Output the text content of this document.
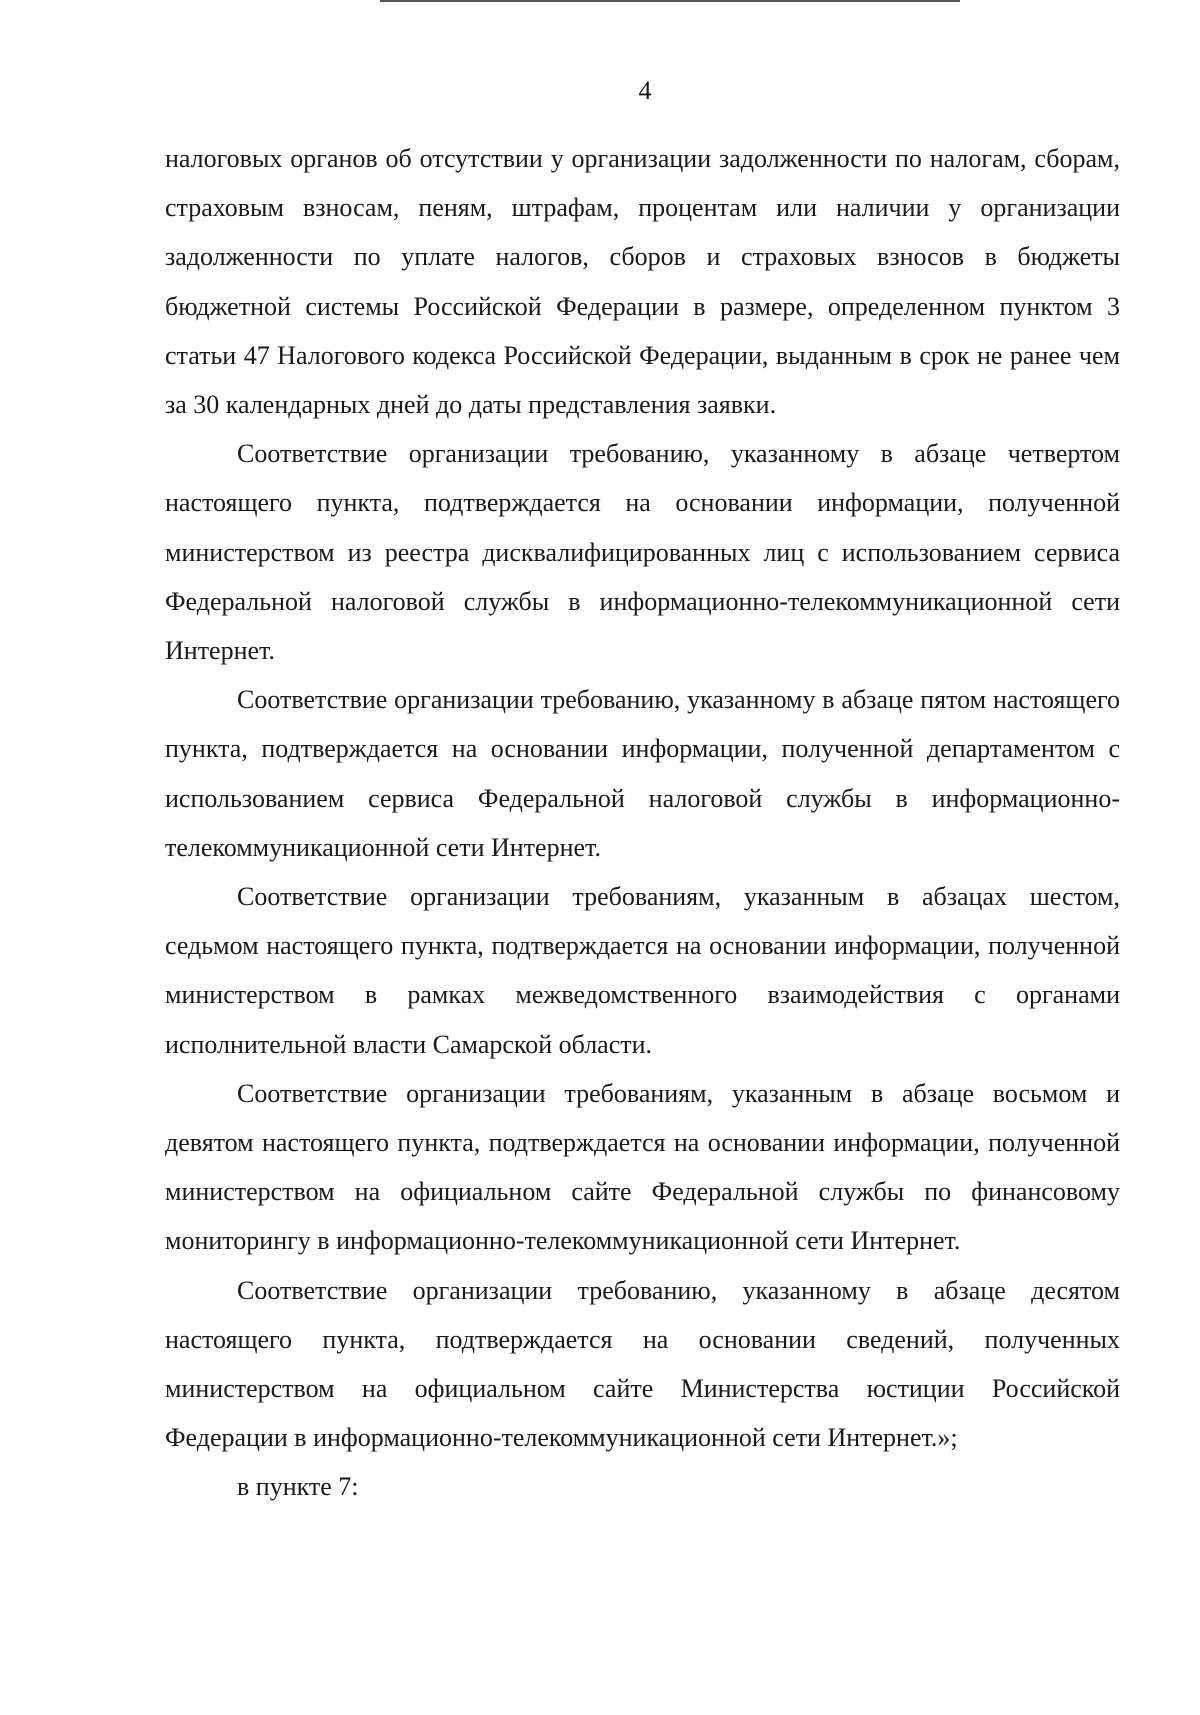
4

налоговых органов об отсутствии у организации задолженности по налогам, сборам, страховым взносам, пеням, штрафам, процентам или наличии у организации задолженности по уплате налогов, сборов и страховых взносов в бюджеты бюджетной системы Российской Федерации в размере, определенном пунктом 3 статьи 47 Налогового кодекса Российской Федерации, выданным в срок не ранее чем за 30 календарных дней до даты представления заявки.

Соответствие организации требованию, указанному в абзаце четвертом настоящего пункта, подтверждается на основании информации, полученной министерством из реестра дисквалифицированных лиц с использованием сервиса Федеральной налоговой службы в информационно-телекоммуникационной сети Интернет.

Соответствие организации требованию, указанному в абзаце пятом настоящего пункта, подтверждается на основании информации, полученной департаментом с использованием сервиса Федеральной налоговой службы в информационно-телекоммуникационной сети Интернет.

Соответствие организации требованиям, указанным в абзацах шестом, седьмом настоящего пункта, подтверждается на основании информации, полученной министерством в рамках межведомственного взаимодействия с органами исполнительной власти Самарской области.

Соответствие организации требованиям, указанным в абзаце восьмом и девятом настоящего пункта, подтверждается на основании информации, полученной министерством на официальном сайте Федеральной службы по финансовому мониторингу в информационно-телекоммуникационной сети Интернет.

Соответствие организации требованию, указанному в абзаце десятом настоящего пункта, подтверждается на основании сведений, полученных министерством на официальном сайте Министерства юстиции Российской Федерации в информационно-телекоммуникационной сети Интернет.»;

в пункте 7:
